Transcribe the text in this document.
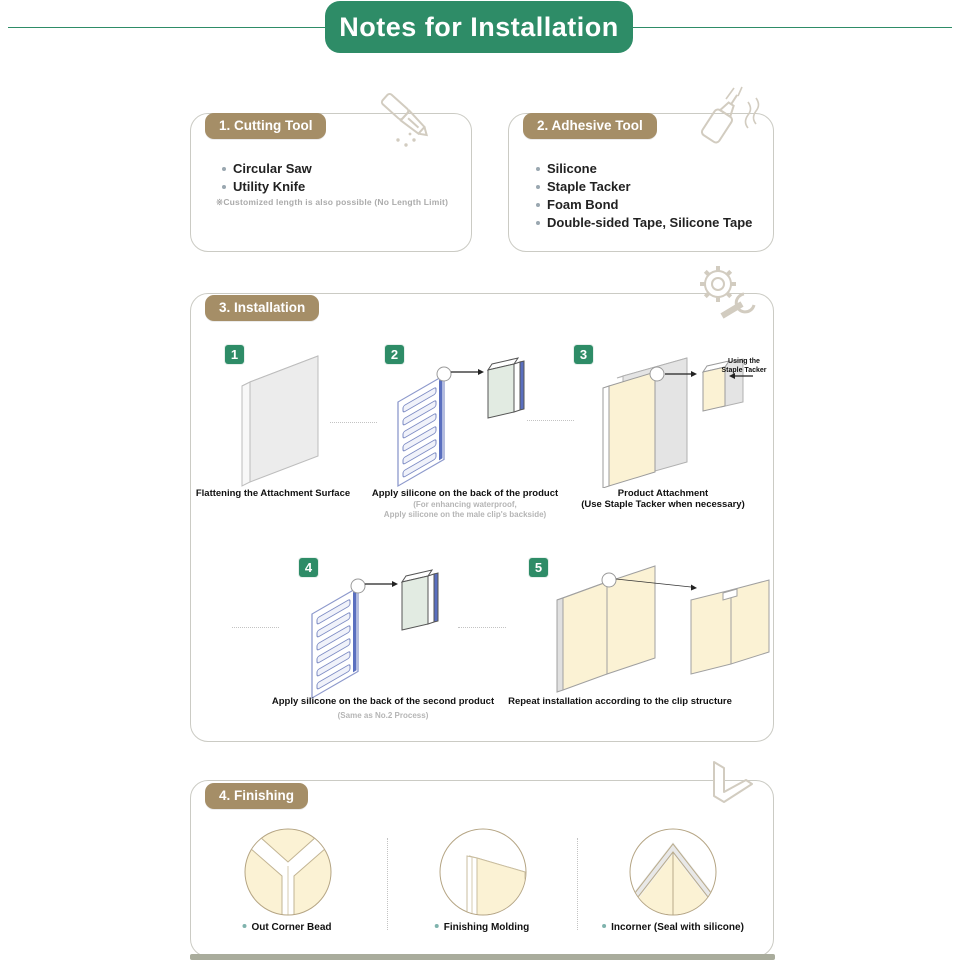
Notes for Installation
1. Cutting Tool
Circular Saw
Utility Knife
※Customized length is also possible (No Length Limit)
2. Adhesive Tool
Silicone
Staple Tacker
Foam Bond
Double-sided Tape, Silicone Tape
3. Installation
1	2	3
4	5
Using the
Staple Tacker
Flattening the Attachment Surface Apply silicone on the back of the product
(For enhancing waterproof,
Apply silicone on the male clip's backside)
Product Attachment
(Use Staple Tacker when necessary)
Apply silicone on the back of the second product
(Same as No.2 Process)
Repeat installation according to the clip structure
4. Finishing
Out Corner Bead	Finishing Molding	Incorner (Seal with silicone)
